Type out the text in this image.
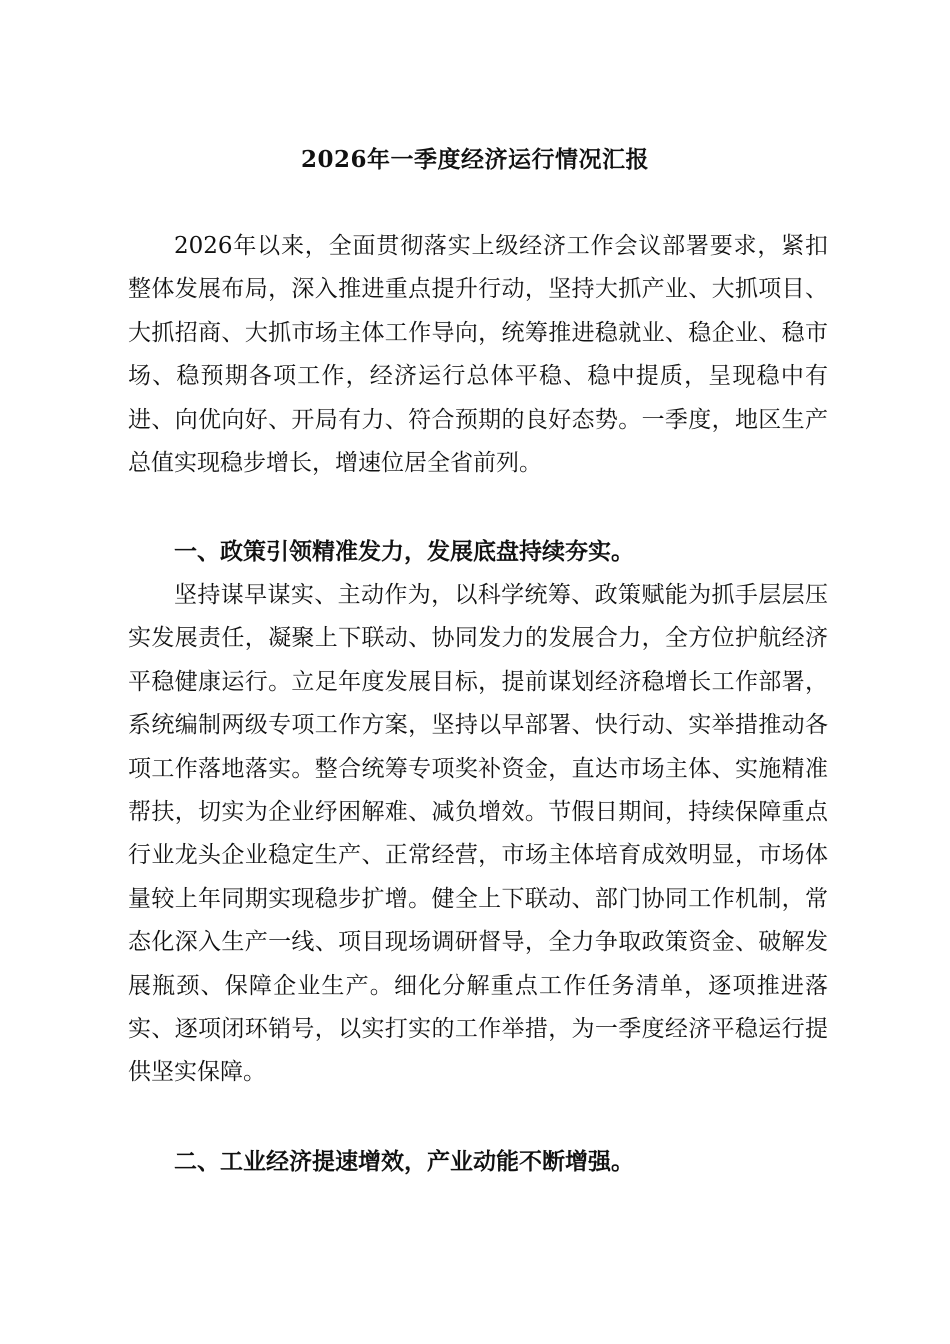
2026年一季度经济运行情况汇报

2026年以来，全面贯彻落实上级经济工作会议部署要求，紧扣整体发展布局，深入推进重点提升行动，坚持大抓产业、大抓项目、大抓招商、大抓市场主体工作导向，统筹推进稳就业、稳企业、稳市场、稳预期各项工作，经济运行总体平稳、稳中提质，呈现稳中有进、向优向好、开局有力、符合预期的良好态势。一季度，地区生产总值实现稳步增长，增速位居全省前列。

一、政策引领精准发力，发展底盘持续夯实。

坚持谋早谋实、主动作为，以科学统筹、政策赋能为抓手层层压实发展责任，凝聚上下联动、协同发力的发展合力，全方位护航经济平稳健康运行。立足年度发展目标，提前谋划经济稳增长工作部署，系统编制两级专项工作方案，坚持以早部署、快行动、实举措推动各项工作落地落实。整合统筹专项奖补资金，直达市场主体、实施精准帮扶，切实为企业纾困解难、减负增效。节假日期间，持续保障重点行业龙头企业稳定生产、正常经营，市场主体培育成效明显，市场体量较上年同期实现稳步扩增。健全上下联动、部门协同工作机制，常态化深入生产一线、项目现场调研督导，全力争取政策资金、破解发展瓶颈、保障企业生产。细化分解重点工作任务清单，逐项推进落实、逐项闭环销号，以实打实的工作举措，为一季度经济平稳运行提供坚实保障。

二、工业经济提速增效，产业动能不断增强。
